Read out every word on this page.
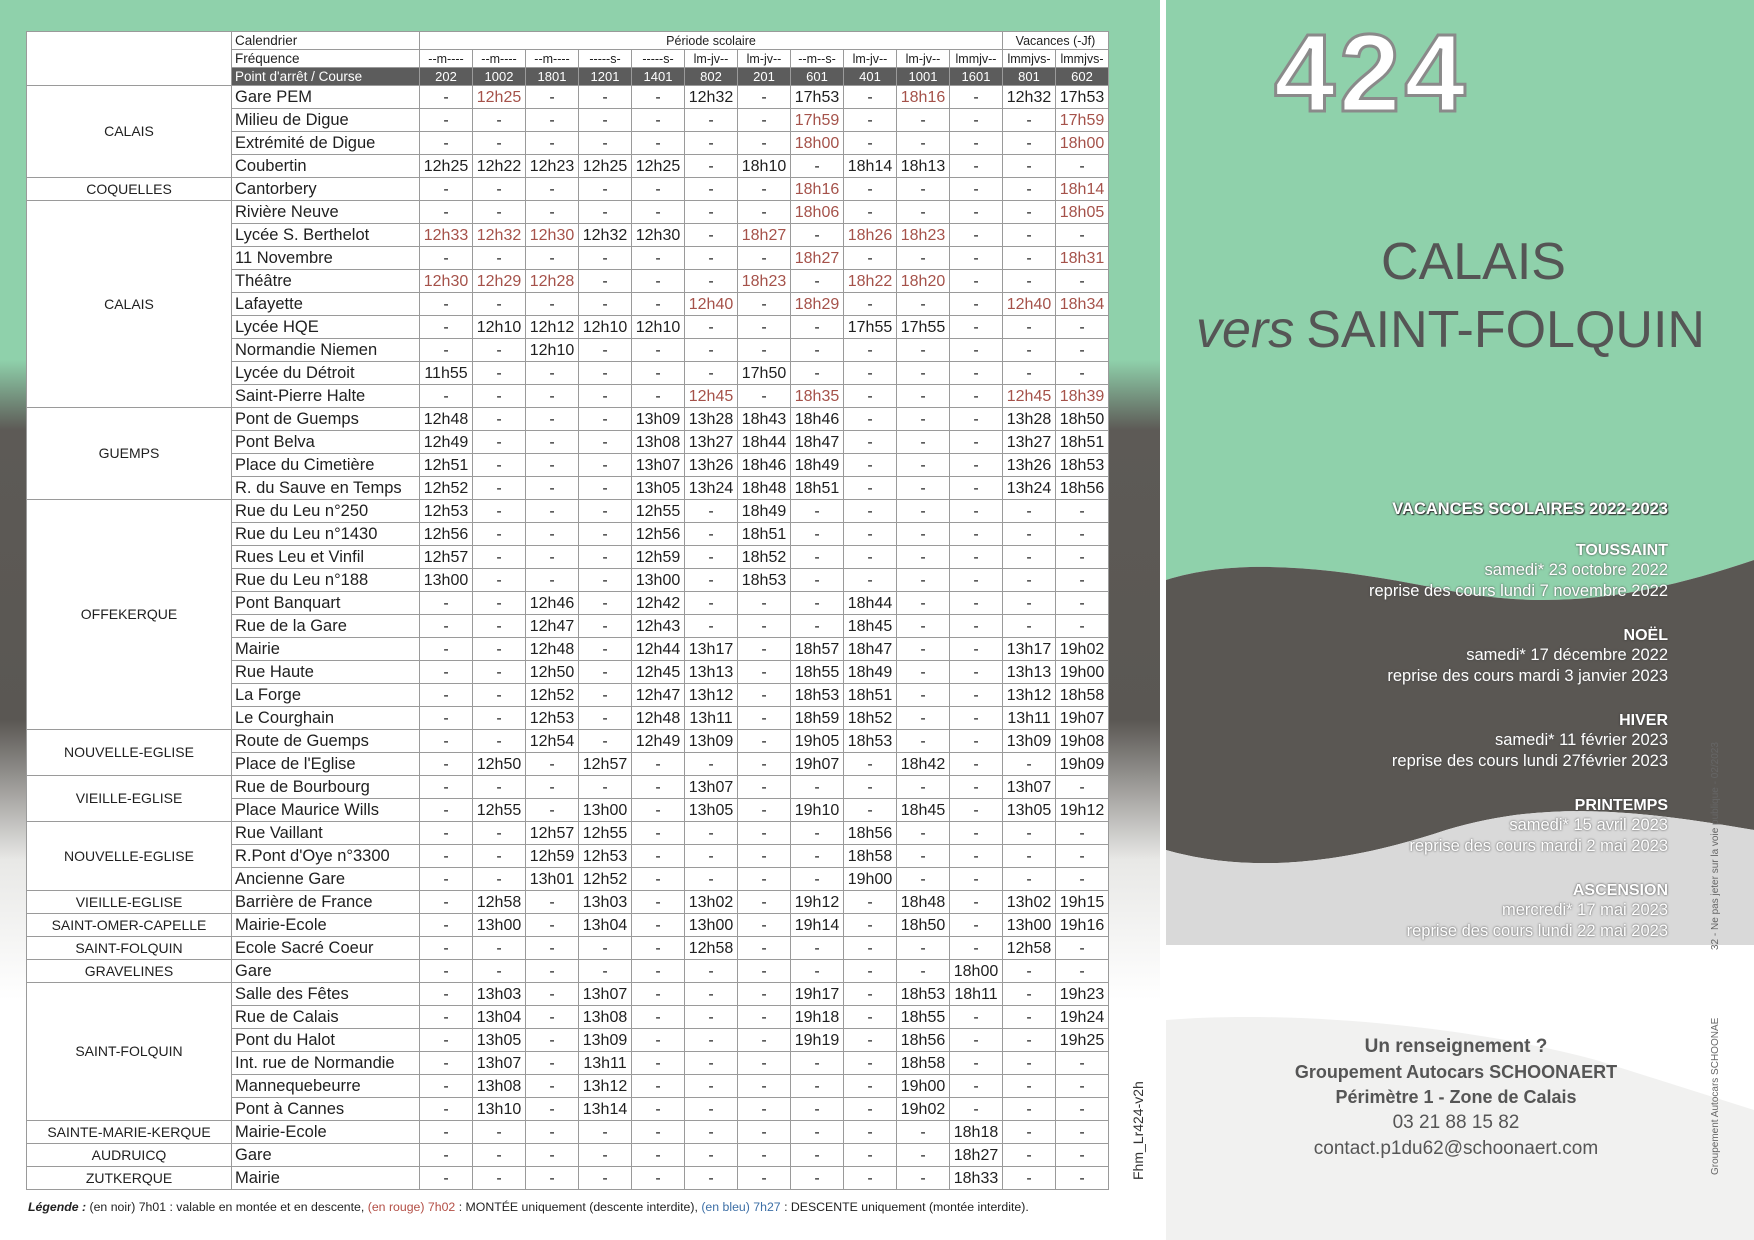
	Calendrier	Période scolaire											Vacances (-Jf)	
	Fréquence	--m----	--m----	--m----	-----s-	-----s-	lm-jv--	lm-jv--	--m--s-	lm-jv--	lm-jv--	lmmjv--	lmmjvs-	lmmjvs-
	Point d'arrêt / Course	202	1002	1801	1201	1401	802	201	601	401	1001	1601	801	602
CALAIS	Gare PEM	-	12h25	-	-	-	12h32	-	17h53	-	18h16	-	12h32	17h53
	Milieu de Digue	-	-	-	-	-	-	-	17h59	-	-	-	-	17h59
	Extrémité de Digue	-	-	-	-	-	-	-	18h00	-	-	-	-	18h00
	Coubertin	12h25	12h22	12h23	12h25	12h25	-	18h10	-	18h14	18h13	-	-	-
COQUELLES	Cantorbery	-	-	-	-	-	-	-	18h16	-	-	-	-	18h14
CALAIS	Rivière Neuve	-	-	-	-	-	-	-	18h06	-	-	-	-	18h05
	Lycée S. Berthelot	12h33	12h32	12h30	12h32	12h30	-	18h27	-	18h26	18h23	-	-	-
	11 Novembre	-	-	-	-	-	-	-	18h27	-	-	-	-	18h31
	Théâtre	12h30	12h29	12h28	-	-	-	18h23	-	18h22	18h20	-	-	-
	Lafayette	-	-	-	-	-	12h40	-	18h29	-	-	-	12h40	18h34
	Lycée HQE	-	12h10	12h12	12h10	12h10	-	-	-	17h55	17h55	-	-	-
	Normandie Niemen	-	-	12h10	-	-	-	-	-	-	-	-	-	-
	Lycée du Détroit	11h55	-	-	-	-	-	17h50	-	-	-	-	-	-
	Saint-Pierre Halte	-	-	-	-	-	12h45	-	18h35	-	-	-	12h45	18h39
GUEMPS	Pont de Guemps	12h48	-	-	-	13h09	13h28	18h43	18h46	-	-	-	13h28	18h50
	Pont Belva	12h49	-	-	-	13h08	13h27	18h44	18h47	-	-	-	13h27	18h51
	Place du Cimetière	12h51	-	-	-	13h07	13h26	18h46	18h49	-	-	-	13h26	18h53
	R. du Sauve en Temps	12h52	-	-	-	13h05	13h24	18h48	18h51	-	-	-	13h24	18h56
OFFEKERQUE	Rue du Leu n°250	12h53	-	-	-	12h55	-	18h49	-	-	-	-	-	-
	Rue du Leu n°1430	12h56	-	-	-	12h56	-	18h51	-	-	-	-	-	-
	Rues Leu et Vinfil	12h57	-	-	-	12h59	-	18h52	-	-	-	-	-	-
	Rue du Leu n°188	13h00	-	-	-	13h00	-	18h53	-	-	-	-	-	-
	Pont Banquart	-	-	12h46	-	12h42	-	-	-	18h44	-	-	-	-
	Rue de la Gare	-	-	12h47	-	12h43	-	-	-	18h45	-	-	-	-
	Mairie	-	-	12h48	-	12h44	13h17	-	18h57	18h47	-	-	13h17	19h02
	Rue Haute	-	-	12h50	-	12h45	13h13	-	18h55	18h49	-	-	13h13	19h00
	La Forge	-	-	12h52	-	12h47	13h12	-	18h53	18h51	-	-	13h12	18h58
	Le Courghain	-	-	12h53	-	12h48	13h11	-	18h59	18h52	-	-	13h11	19h07
NOUVELLE-EGLISE	Route de Guemps	-	-	12h54	-	12h49	13h09	-	19h05	18h53	-	-	13h09	19h08
	Place de l'Eglise	-	12h50	-	12h57	-	-	-	19h07	-	18h42	-	-	19h09
VIEILLE-EGLISE	Rue de Bourbourg	-	-	-	-	-	13h07	-	-	-	-	-	13h07	-
	Place Maurice Wills	-	12h55	-	13h00	-	13h05	-	19h10	-	18h45	-	13h05	19h12
NOUVELLE-EGLISE	Rue Vaillant	-	-	12h57	12h55	-	-	-	-	18h56	-	-	-	-
	R.Pont d'Oye n°3300	-	-	12h59	12h53	-	-	-	-	18h58	-	-	-	-
	Ancienne Gare	-	-	13h01	12h52	-	-	-	-	19h00	-	-	-	-
VIEILLE-EGLISE	Barrière de France	-	12h58	-	13h03	-	13h02	-	19h12	-	18h48	-	13h02	19h15
SAINT-OMER-CAPELLE	Mairie-Ecole	-	13h00	-	13h04	-	13h00	-	19h14	-	18h50	-	13h00	19h16
SAINT-FOLQUIN	Ecole Sacré Coeur	-	-	-	-	-	12h58	-	-	-	-	-	12h58	-
GRAVELINES	Gare	-	-	-	-	-	-	-	-	-	-	18h00	-	-
SAINT-FOLQUIN	Salle des Fêtes	-	13h03	-	13h07	-	-	-	19h17	-	18h53	18h11	-	19h23
	Rue de Calais	-	13h04	-	13h08	-	-	-	19h18	-	18h55	-	-	19h24
	Pont du Halot	-	13h05	-	13h09	-	-	-	19h19	-	18h56	-	-	19h25
	Int. rue de Normandie	-	13h07	-	13h11	-	-	-	-	-	18h58	-	-	-
	Mannequebeurre	-	13h08	-	13h12	-	-	-	-	-	19h00	-	-	-
	Pont à Cannes	-	13h10	-	13h14	-	-	-	-	-	19h02	-	-	-
SAINTE-MARIE-KERQUE	Mairie-Ecole	-	-	-	-	-	-	-	-	-	-	18h18	-	-
AUDRUICQ	Gare	-	-	-	-	-	-	-	-	-	-	18h27	-	-
ZUTKERQUE	Mairie	-	-	-	-	-	-	-	-	-	-	18h33	-	-
Légende : (en noir) 7h01 : valable en montée et en descente, (en rouge) 7h02 : MONTÉE uniquement (descente interdite), (en bleu) 7h27 : DESCENTE uniquement (montée interdite).
Fhm_Lr424-v2h
424
CALAIS
vers SAINT-FOLQUIN
VACANCES SCOLAIRES 2022-2023
TOUSSAINT
samedi* 23 octobre 2022
reprise des cours lundi 7 novembre 2022
NOËL
samedi* 17 décembre 2022
reprise des cours mardi 3 janvier 2023
HIVER
samedi* 11 février 2023
reprise des cours lundi 27février 2023
PRINTEMPS
samedi* 15 avril 2023
reprise des cours mardi 2 mai 2023
ASCENSION
mercredi* 17 mai 2023
reprise des cours lundi 22 mai 2023
Un renseignement ?
Groupement Autocars SCHOONAERT
Périmètre 1 - Zone de Calais
03 21 88 15 82
contact.p1du62@schoonaert.com
32 - Ne pas jeter sur la voie publique - 02/2023
Groupement Autocars SCHOONAE
